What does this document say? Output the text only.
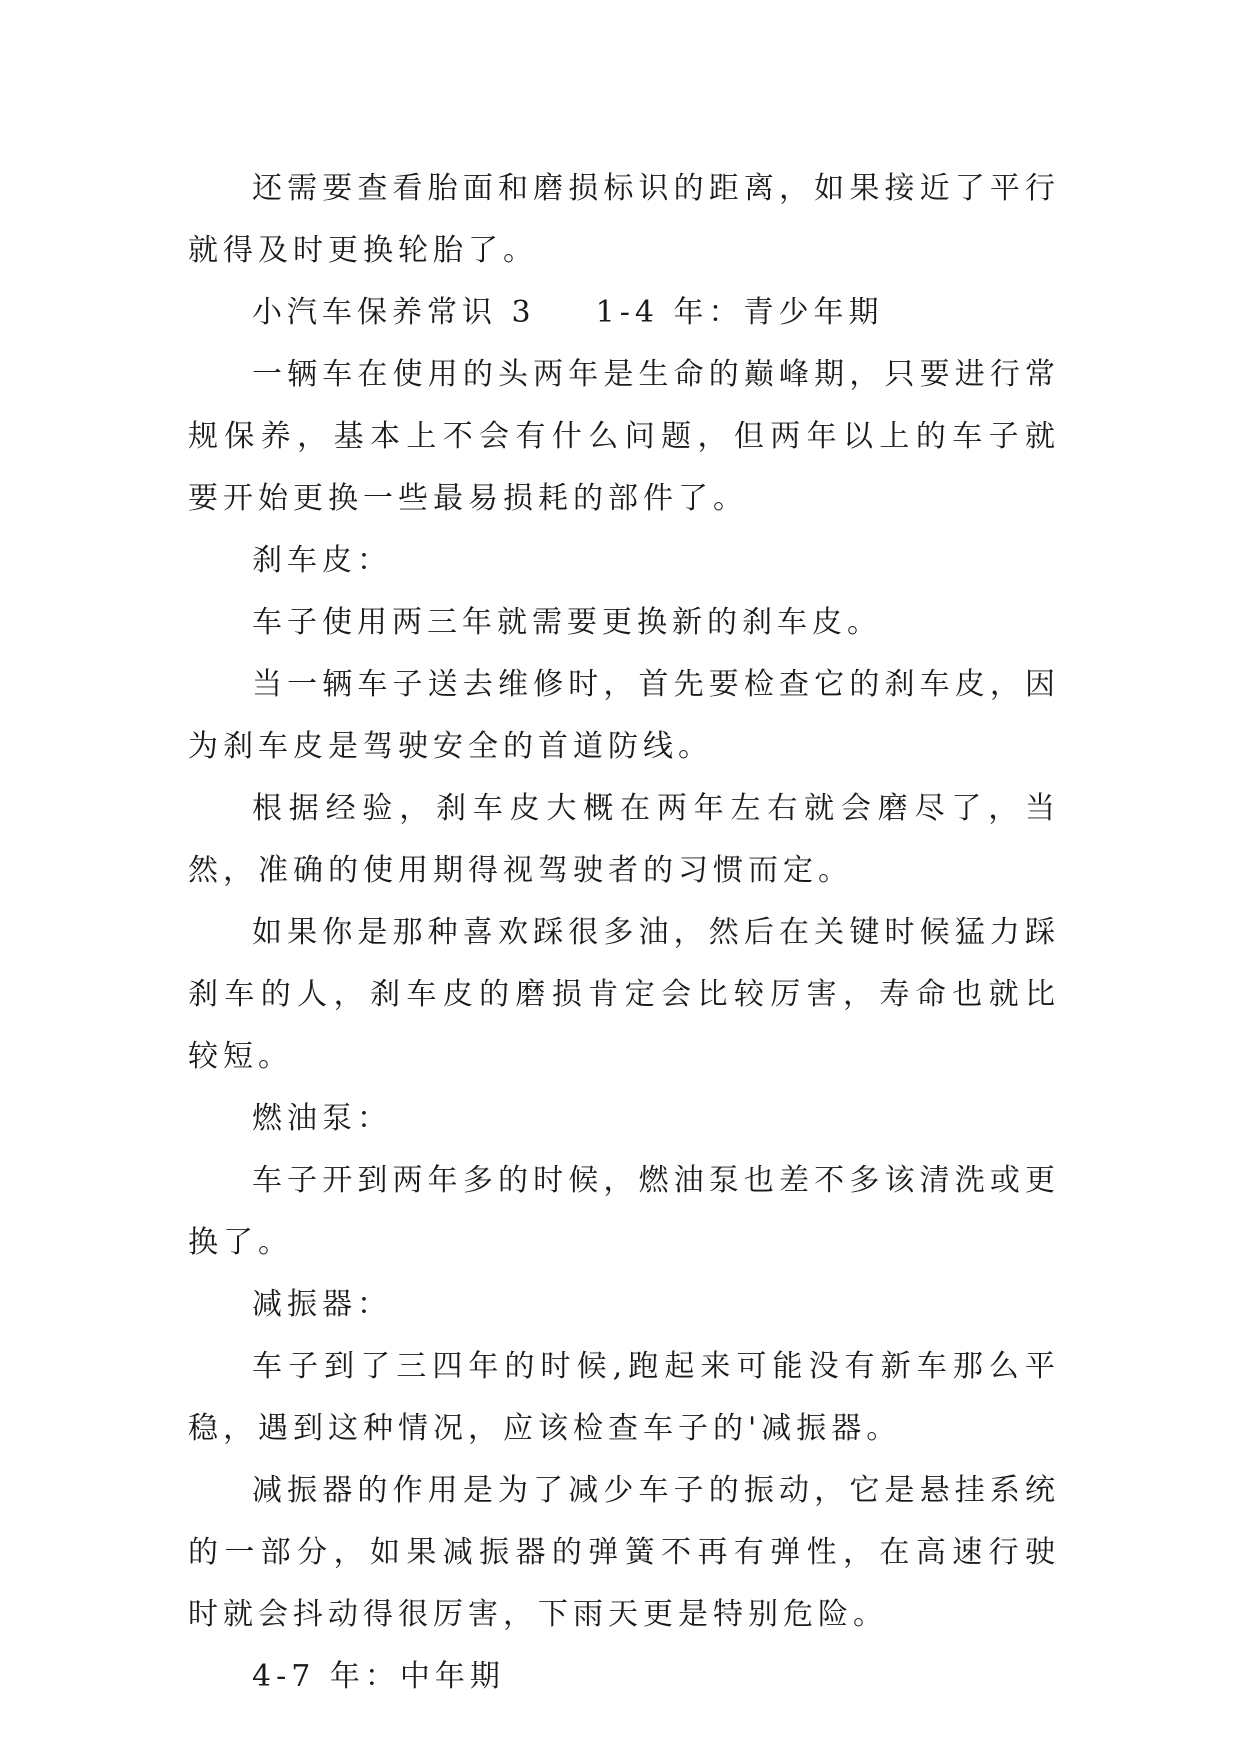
还需要查看胎面和磨损标识的距离，如果接近了平行就得及时更换轮胎了。

小汽车保养常识 3 1-4 年：青少年期

一辆车在使用的头两年是生命的巅峰期，只要进行常规保养，基本上不会有什么问题，但两年以上的车子就要开始更换一些最易损耗的部件了。

刹车皮：

车子使用两三年就需要更换新的刹车皮。

当一辆车子送去维修时，首先要检查它的刹车皮，因为刹车皮是驾驶安全的首道防线。

根据经验，刹车皮大概在两年左右就会磨尽了，当然，准确的使用期得视驾驶者的习惯而定。

如果你是那种喜欢踩很多油，然后在关键时候猛力踩刹车的人，刹车皮的磨损肯定会比较厉害，寿命也就比较短。

燃油泵：

车子开到两年多的时候，燃油泵也差不多该清洗或更换了。

减振器：

车子到了三四年的时候,跑起来可能没有新车那么平稳，遇到这种情况，应该检查车子的'减振器。

减振器的作用是为了减少车子的振动，它是悬挂系统的一部分，如果减振器的弹簧不再有弹性，在高速行驶时就会抖动得很厉害，下雨天更是特别危险。

4-7 年：中年期
